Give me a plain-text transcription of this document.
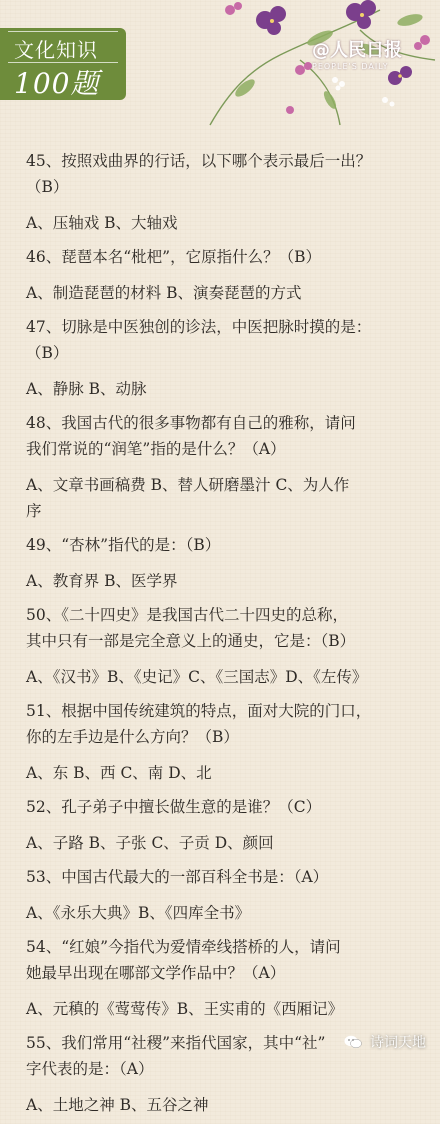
文化知识
100题
@人民日报
PEOPLE'S DAILY
45、按照戏曲界的行话，以下哪个表示最后一出？
（B）
A、压轴戏 B、大轴戏
46、琵琶本名“枇杷”，它原指什么？（B）
A、制造琵琶的材料 B、演奏琵琶的方式
47、切脉是中医独创的诊法，中医把脉时摸的是：
（B）
A、静脉 B、动脉
48、我国古代的很多事物都有自己的雅称，请问
我们常说的“润笔”指的是什么？（A）
A、文章书画稿费 B、替人研磨墨汁 C、为人作
序
49、“杏林”指代的是：（B）
A、教育界 B、医学界
50、《二十四史》是我国古代二十四史的总称，
其中只有一部是完全意义上的通史，它是：（B）
A、《汉书》B、《史记》C、《三国志》D、《左传》
51、根据中国传统建筑的特点，面对大院的门口，
你的左手边是什么方向？（B）
A、东 B、西 C、南 D、北
52、孔子弟子中擅长做生意的是谁？（C）
A、子路 B、子张 C、子贡 D、颜回
53、中国古代最大的一部百科全书是：（A）
A、《永乐大典》B、《四库全书》
54、“红娘”今指代为爱情牵线搭桥的人，请问
她最早出现在哪部文学作品中？（A）
A、元稹的《莺莺传》B、王实甫的《西厢记》
55、我们常用“社稷”来指代国家，其中“社”
字代表的是：（A）
A、土地之神 B、五谷之神
诗词天地
